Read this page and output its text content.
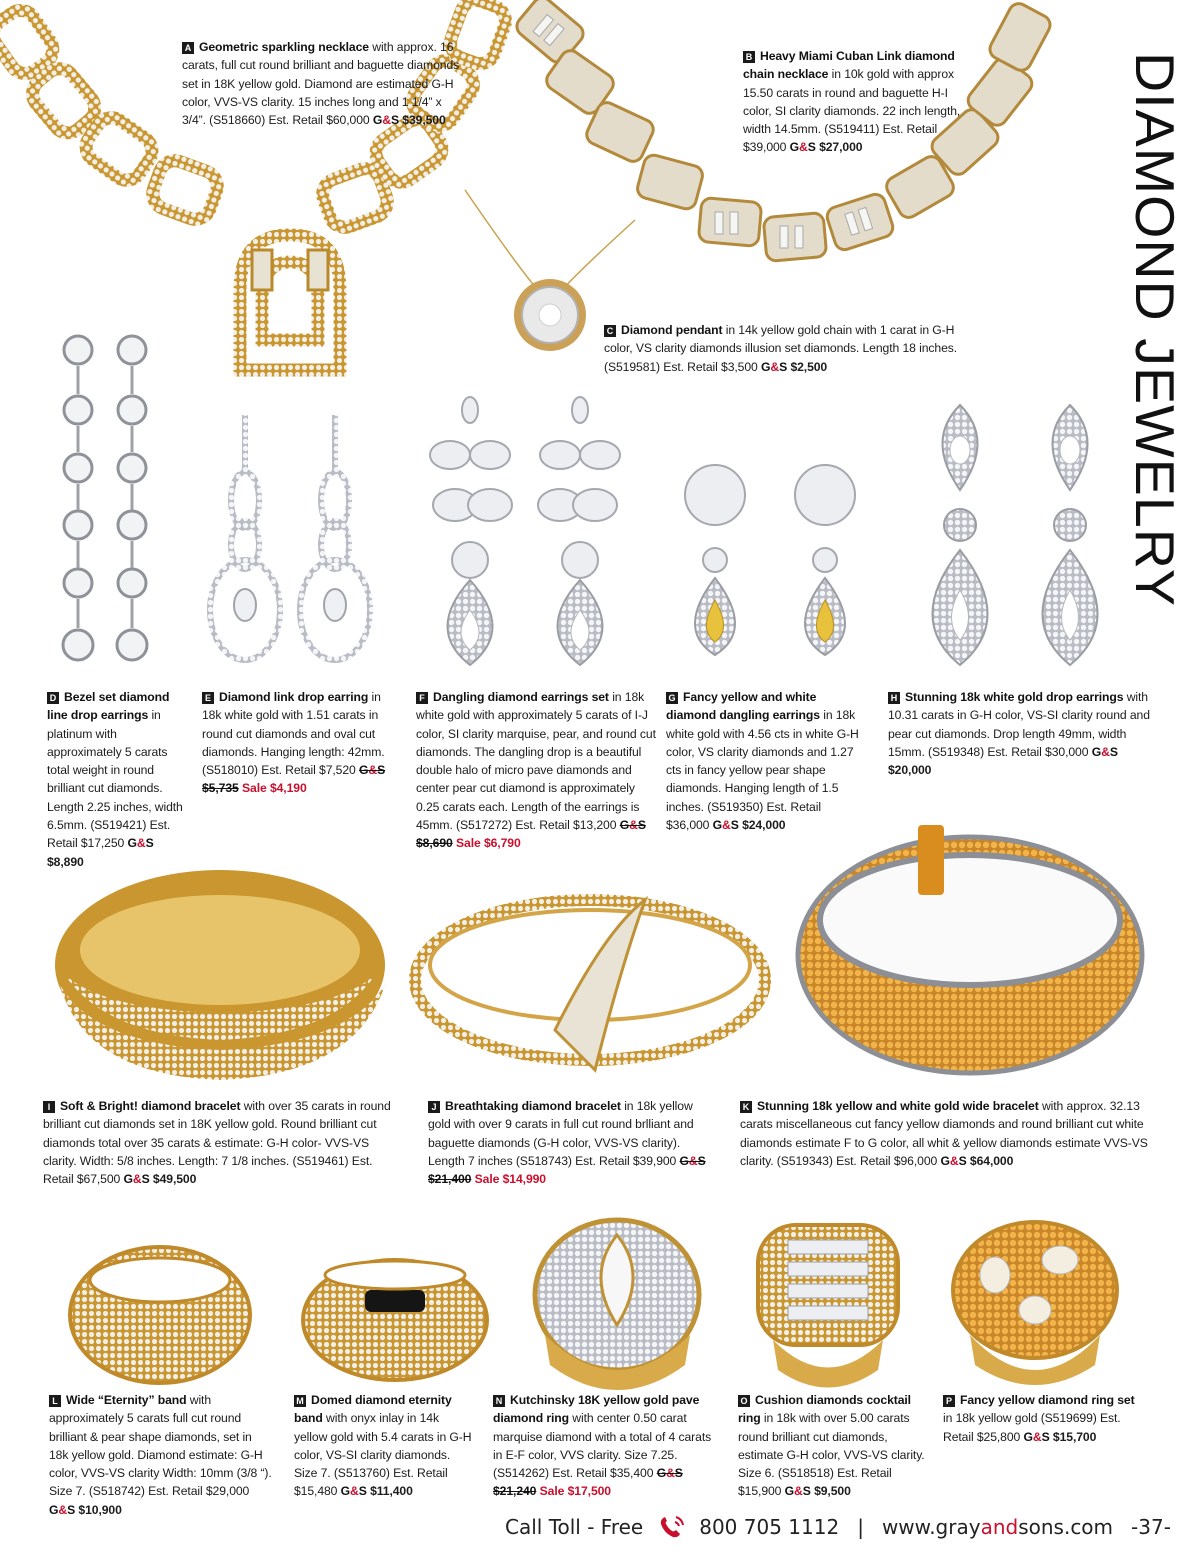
DIAMOND JEWELRY
A Geometric sparkling necklace with approx. 16 carats, full cut round brilliant and baguette diamonds set in 18K yellow gold. Diamond are estimated G-H color, VVS-VS clarity. 15 inches long and 1 1/4” x 3/4”. (S518660) Est. Retail $60,000 G&S $39,500
B Heavy Miami Cuban Link diamond chain necklace in 10k gold with approx 15.50 carats in round and baguette H-I color, SI clarity diamonds. 22 inch length, width 14.5mm. (S519411) Est. Retail $39,000 G&S $27,000
C Diamond pendant in 14k yellow gold chain with 1 carat in G-H color, VS clarity diamonds illusion set diamonds. Length 18 inches. (S519581) Est. Retail $3,500 G&S $2,500
D Bezel set diamond line drop earrings in platinum with approximately 5 carats total weight in round brilliant cut diamonds. Length 2.25 inches, width 6.5mm. (S519421) Est. Retail $17,250 G&S $8,890
E Diamond link drop earring in 18k white gold with 1.51 carats in round cut diamonds and oval cut diamonds. Hanging length: 42mm. (S518010) Est. Retail $7,520 G&S $5,735 Sale $4,190
F Dangling diamond earrings set in 18k white gold with approximately 5 carats of I-J color, SI clarity marquise, pear, and round cut diamonds. The dangling drop is a beautiful double halo of micro pave diamonds and center pear cut diamond is approximately 0.25 carats each. Length of the earrings is 45mm. (S517272) Est. Retail $13,200 G&S $8,690 Sale $6,790
G Fancy yellow and white diamond dangling earrings in 18k white gold with 4.56 cts in white G-H color, VS clarity diamonds and 1.27 cts in fancy yellow pear shape diamonds. Hanging length of 1.5 inches. (S519350) Est. Retail $36,000 G&S $24,000
H Stunning 18k white gold drop earrings with 10.31 carats in G-H color, VS-SI clarity round and pear cut diamonds. Drop length 49mm, width 15mm. (S519348) Est. Retail $30,000 G&S $20,000
I Soft & Bright! diamond bracelet with over 35 carats in round brilliant cut diamonds set in 18K yellow gold. Round brilliant cut diamonds total over 35 carats & estimate: G-H color- VVS-VS clarity. Width: 5/8 inches. Length: 7 1/8 inches. (S519461) Est. Retail $67,500 G&S $49,500
J Breathtaking diamond bracelet in 18k yellow gold with over 9 carats in full cut round brlliant and baguette diamonds (G-H color, VVS-VS clarity). Length 7 inches (S518743) Est. Retail $39,900 G&S $21,400 Sale $14,990
K Stunning 18k yellow and white gold wide bracelet with approx. 32.13 carats miscellaneous cut fancy yellow diamonds and round brilliant cut white diamonds estimate F to G color, all whit & yellow diamonds estimate VVS-VS clarity. (S519343) Est. Retail $96,000 G&S $64,000
L Wide “Eternity” band with approximately 5 carats full cut round brilliant & pear shape diamonds, set in 18k yellow gold. Diamond estimate: G-H color, VVS-VS clarity Width: 10mm (3/8 “). Size 7. (S518742) Est. Retail $29,000 G&S $10,900
M Domed diamond eternity band with onyx inlay in 14k yellow gold with 5.4 carats in G-H color, VS-SI clarity diamonds. Size 7. (S513760) Est. Retail $15,480 G&S $11,400
N Kutchinsky 18K yellow gold pave diamond ring with center 0.50 carat marquise diamond with a total of 4 carats in E-F color, VVS clarity. Size 7.25. (S514262) Est. Retail $35,400 G&S $21,240 Sale $17,500
O Cushion diamonds cocktail ring in 18k with over 5.00 carats round brilliant cut diamonds, estimate G-H color, VVS-VS clarity. Size 6. (S518518) Est. Retail $15,900 G&S $9,500
P Fancy yellow diamond ring set in 18k yellow gold (S519699) Est. Retail $25,800 G&S $15,700
Call Toll - Free	800 705 1112 | www.grayandsons.com -37-
